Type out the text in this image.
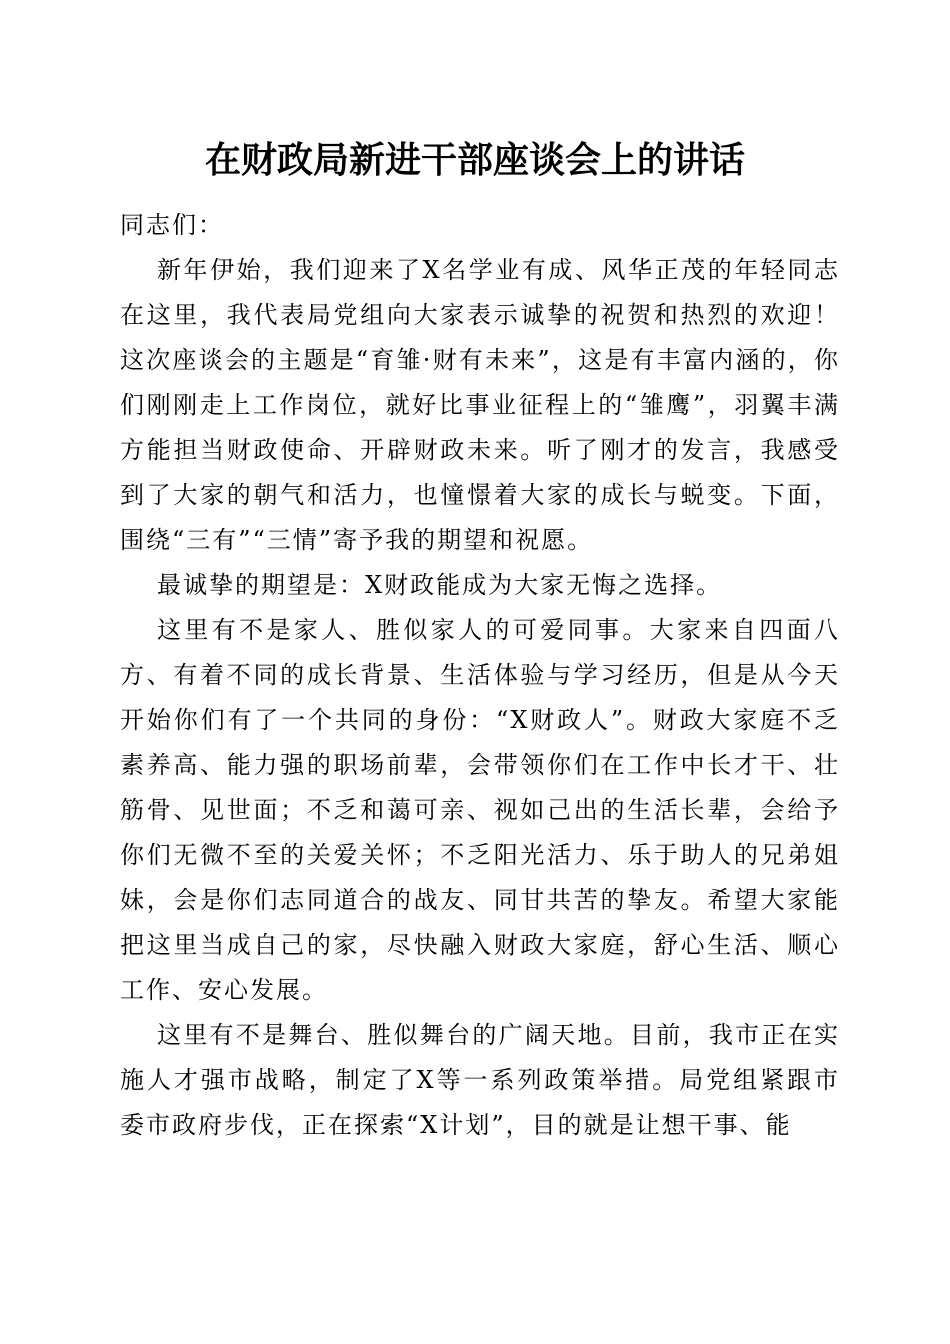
在财政局新进干部座谈会上的讲话

同志们：

新年伊始，我们迎来了X名学业有成、风华正茂的年轻同志在这里，我代表局党组向大家表示诚挚的祝贺和热烈的欢迎！这次座谈会的主题是“育雏·财有未来”，这是有丰富内涵的，你们刚刚走上工作岗位，就好比事业征程上的“雏鹰”，羽翼丰满方能担当财政使命、开辟财政未来。听了刚才的发言，我感受到了大家的朝气和活力，也憧憬着大家的成长与蜕变。下面，围绕“三有”“三情”寄予我的期望和祝愿。

最诚挚的期望是：X财政能成为大家无悔之选择。

这里有不是家人、胜似家人的可爱同事。大家来自四面八方、有着不同的成长背景、生活体验与学习经历，但是从今天开始你们有了一个共同的身份：“X财政人”。财政大家庭不乏素养高、能力强的职场前辈，会带领你们在工作中长才干、壮筋骨、见世面；不乏和蔼可亲、视如己出的生活长辈，会给予你们无微不至的关爱关怀；不乏阳光活力、乐于助人的兄弟姐妹，会是你们志同道合的战友、同甘共苦的挚友。希望大家能把这里当成自己的家，尽快融入财政大家庭，舒心生活、顺心工作、安心发展。

这里有不是舞台、胜似舞台的广阔天地。目前，我市正在实施人才强市战略，制定了X等一系列政策举措。局党组紧跟市委市政府步伐，正在探索“X计划”，目的就是让想干事、能
